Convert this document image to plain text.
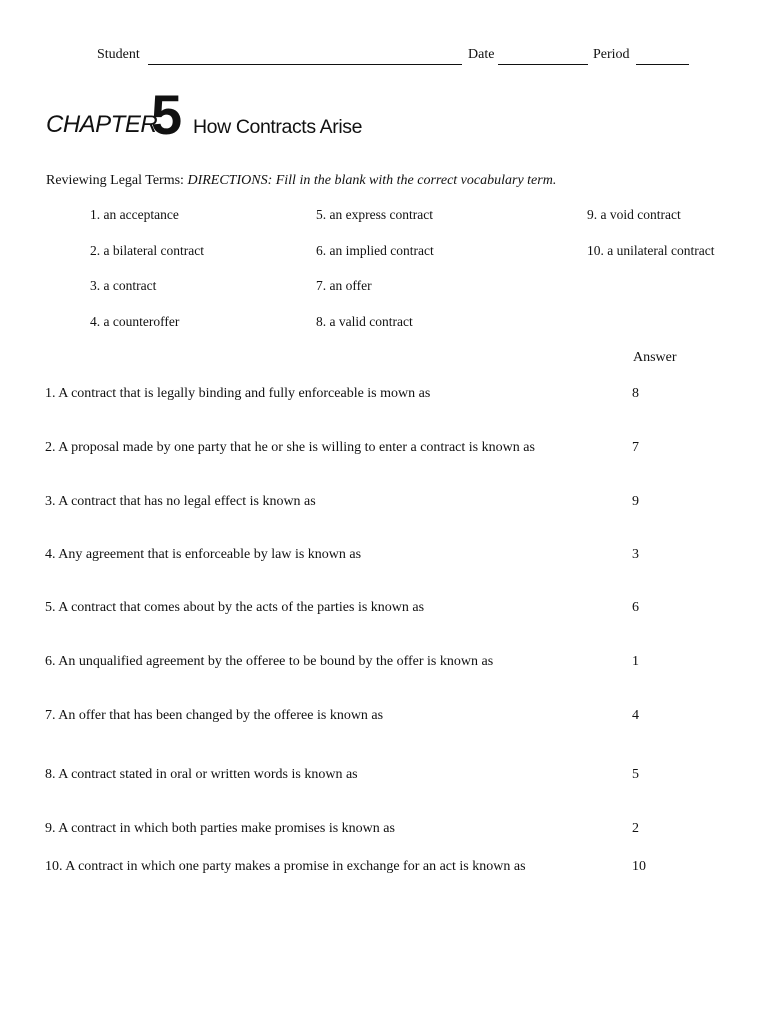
Student	Date	Period
CHAPTER
5 How Contracts Arise
Reviewing Legal Terms: DIRECTIONS: Fill in the blank with the correct vocabulary term.
1. an acceptance
2. a bilateral contract
3. a contract
4. a counteroffer
5. an express contract
6. an implied contract
7. an offer
8. a valid contract
9. a void contract
10. a unilateral contract
Answer
1. A contract that is legally binding and fully enforceable is mown as	8
2. A proposal made by one party that he or she is willing to enter a contract is known as	7
3. A contract that has no legal effect is known as	9
4. Any agreement that is enforceable by law is known as	3
5. A contract that comes about by the acts of the parties is known as	6
6. An unqualified agreement by the offeree to be bound by the offer is known as	1
7. An offer that has been changed by the offeree is known as	4
8. A contract stated in oral or written words is known as	5
9. A contract in which both parties make promises is known as	2
10. A contract in which one party makes a promise in exchange for an act is known as	10
